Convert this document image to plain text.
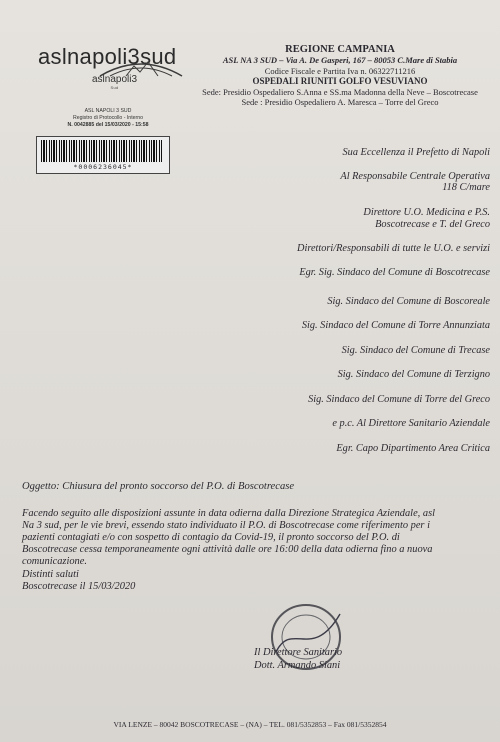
aslnapoli3sud
aslnapoli3
Sud
ASL NAPOLI 3 SUD
Registro di Protocollo - Interno
N. 0042885 del 15/03/2020 - 15:58
*0006236045*
REGIONE CAMPANIA
ASL NA 3 SUD – Via A. De Gasperi, 167 – 80053 C.Mare di Stabia
Codice Fiscale e Partita Iva n. 06322711216
OSPEDALI RIUNITI GOLFO VESUVIANO
Sede: Presidio Ospedaliero S.Anna e SS.ma Madonna della Neve – Boscotrecase
Sede : Presidio Ospedaliero A. Maresca – Torre del Greco
Sua Eccellenza il Prefetto di Napoli
Al Responsabile Centrale Operativa
118 C/mare
Direttore U.O. Medicina e P.S.
Boscotrecase e T. del Greco
Direttori/Responsabili di tutte le U.O. e servizi
Egr. Sig. Sindaco del Comune di Boscotrecase
Sig. Sindaco del Comune di Boscoreale
Sig. Sindaco del Comune di Torre Annunziata
Sig. Sindaco del Comune di Trecase
Sig. Sindaco del Comune di Terzigno
Sig. Sindaco del Comune di Torre del Greco
e p.c. Al Direttore Sanitario Aziendale
Egr. Capo Dipartimento Area Critica
Oggetto: Chiusura del pronto soccorso del P.O. di Boscotrecase
Facendo seguito alle disposizioni assunte in data odierna dalla Direzione Strategica Aziendale, asl
Na 3 sud, per le vie brevi, essendo stato individuato il P.O. di Boscotrecase come riferimento per i
pazienti contagiati e/o con sospetto di contagio da Covid-19, il pronto soccorso del P.O. di
Boscotrecase cessa temporaneamente ogni attività dalle ore 16:00 della data odierna fino a nuova
comunicazione.
Distinti saluti
Boscotrecase il 15/03/2020
Il Direttore Sanitario
Dott. Armando Siani
VIA LENZE – 80042 BOSCOTRECASE – (NA) – TEL. 081/5352853 – Fax 081/5352854
